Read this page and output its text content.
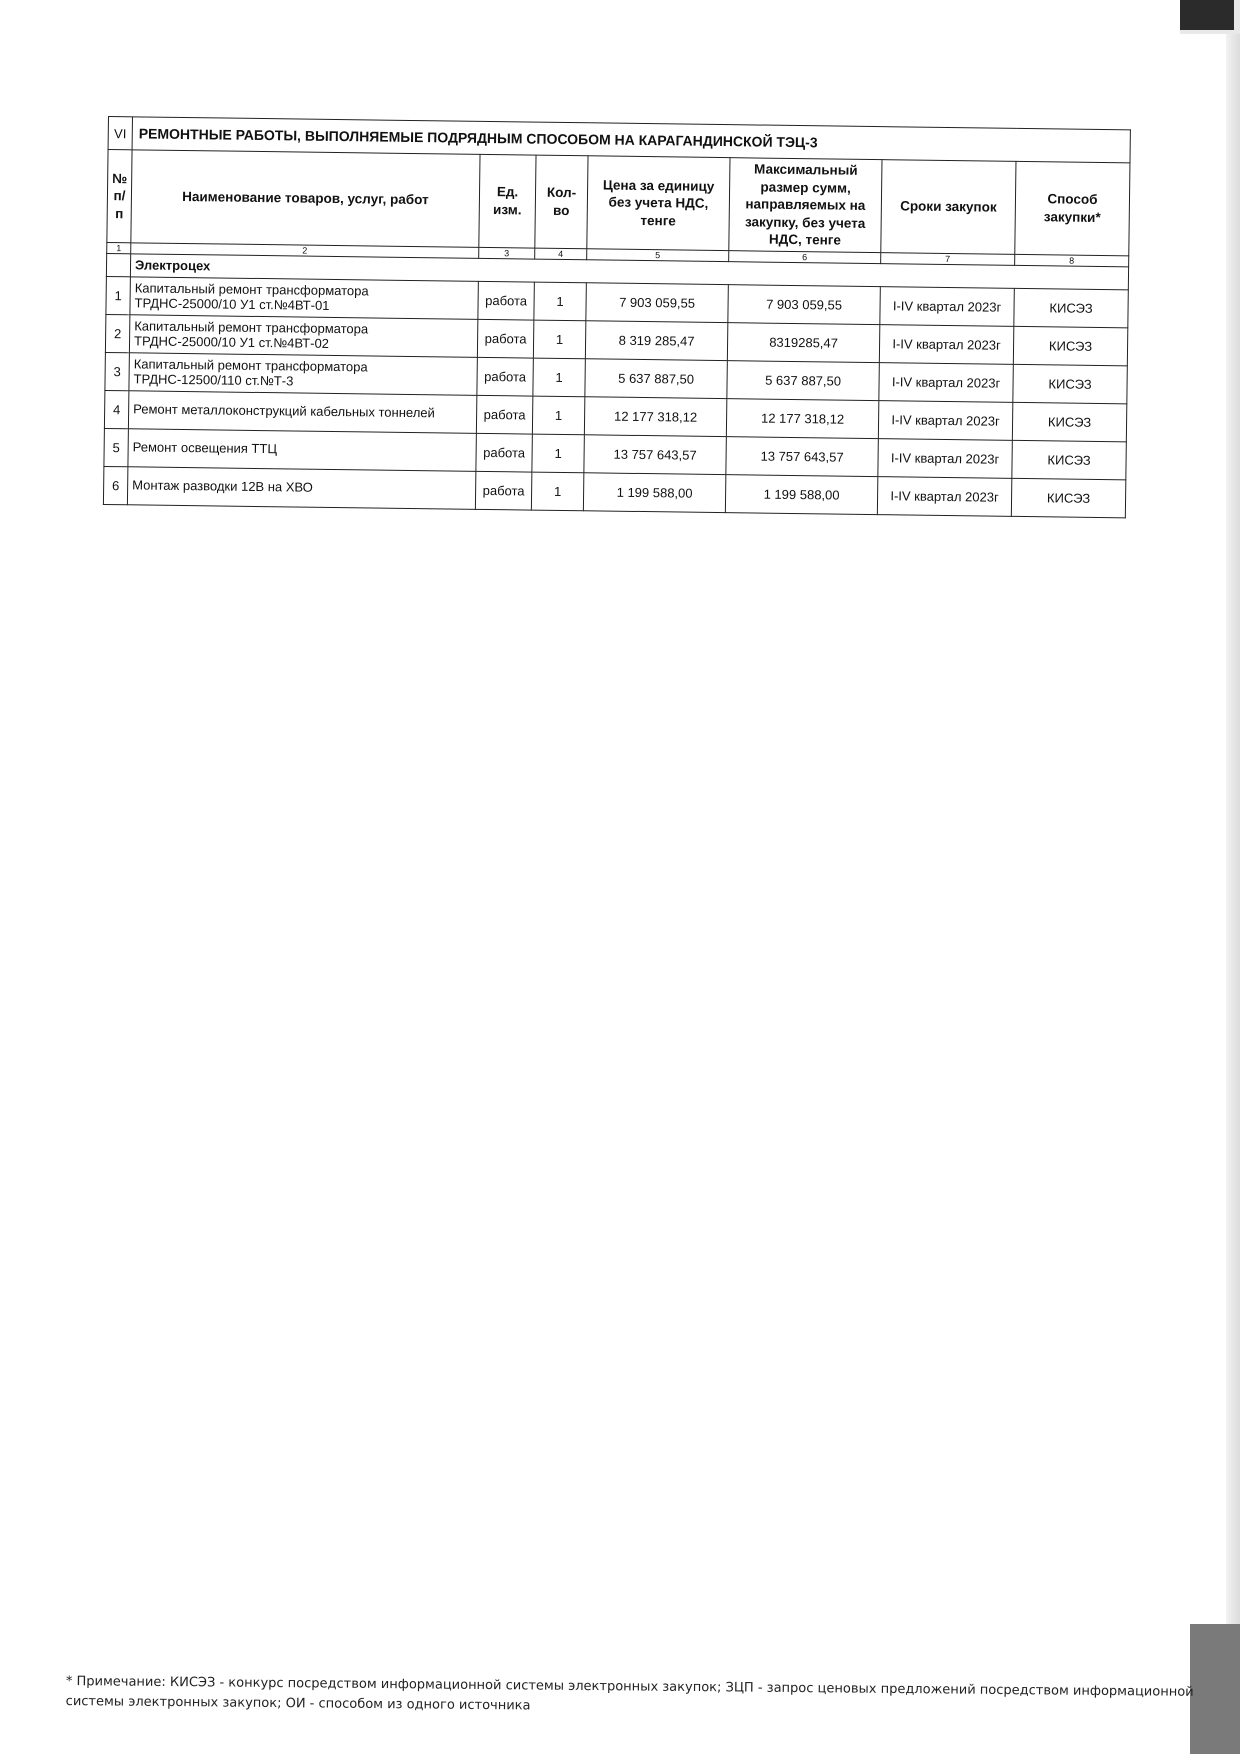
VI	РЕМОНТНЫЕ РАБОТЫ, ВЫПОЛНЯЕМЫЕ ПОДРЯДНЫМ СПОСОБОМ НА КАРАГАНДИНСКОЙ ТЭЦ-3						
№ п/п	Наименование товаров, услуг, работ	Ед. изм.	Кол-во	Цена за единицу без учета НДС, тенге	Максимальный размер сумм, направляемых на закупку, без учета НДС, тенге	Сроки закупок	Способ закупки*
1	2	3	4	5	6	7	8
	Электроцех						
1	Капитальный ремонт трансформатора ТРДНС-25000/10 У1 ст.№4ВТ-01	работа	1	7 903 059,55	7 903 059,55	I-IV квартал 2023г	КИСЭЗ
2	Капитальный ремонт трансформатора ТРДНС-25000/10 У1 ст.№4ВТ-02	работа	1	8 319 285,47	8319285,47	I-IV квартал 2023г	КИСЭЗ
3	Капитальный ремонт трансформатора ТРДНС-12500/110 ст.№Т-3	работа	1	5 637 887,50	5 637 887,50	I-IV квартал 2023г	КИСЭЗ
4	Ремонт металлоконструкций кабельных тоннелей	работа	1	12 177 318,12	12 177 318,12	I-IV квартал 2023г	КИСЭЗ
5	Ремонт освещения ТТЦ	работа	1	13 757 643,57	13 757 643,57	I-IV квартал 2023г	КИСЭЗ
6	Монтаж разводки 12В на ХВО	работа	1	1 199 588,00	1 199 588,00	I-IV квартал 2023г	КИСЭЗ
* Примечание: КИСЭЗ - конкурс посредством информационной системы электронных закупок; ЗЦП - запрос ценовых предложений посредством информационной системы электронных закупок; ОИ - способом из одного источника
